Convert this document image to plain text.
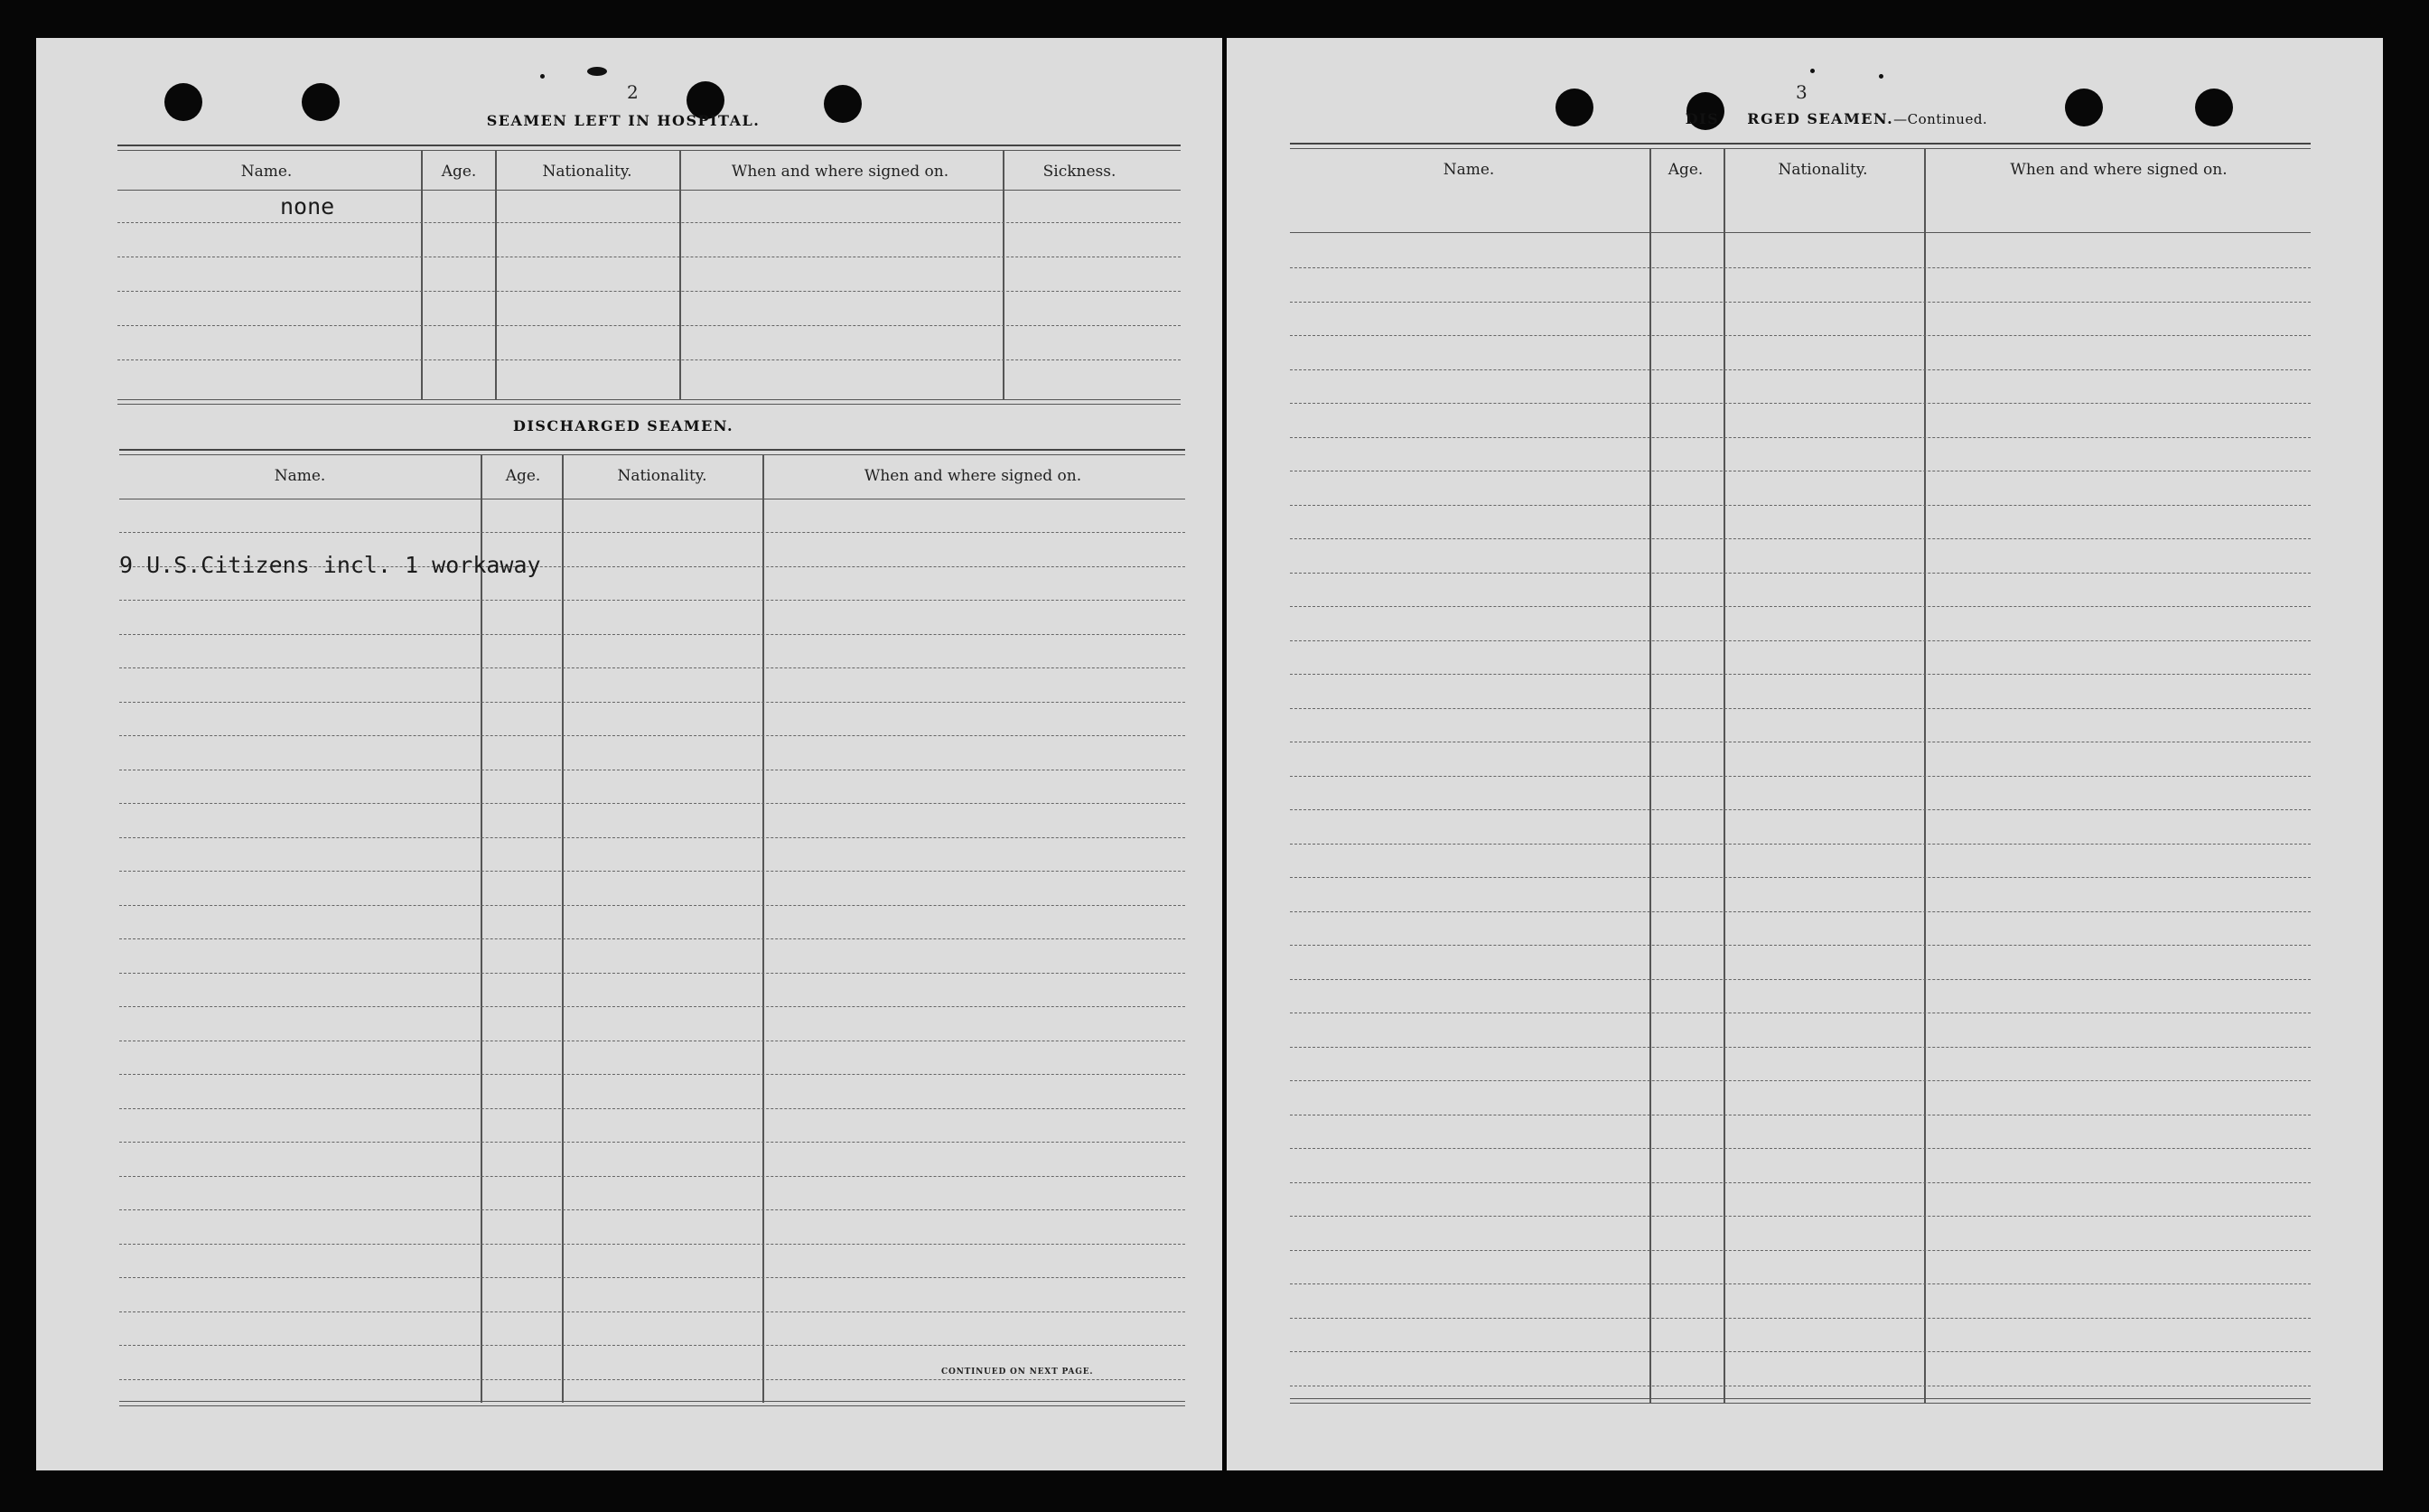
2
SEAMEN LEFT IN HOSPITAL.
Name.	Age.	Nationality.	When and where signed on.	Sickness.
none
DISCHARGED SEAMEN.
Name.	Age.	Nationality.	When and where signed on.
9 U.S.Citizens incl. 1 workaway
CONTINUED ON NEXT PAGE.
3
DIS RGED SEAMEN.—Continued.
Name.	Age.	Nationality.	When and where signed on.
